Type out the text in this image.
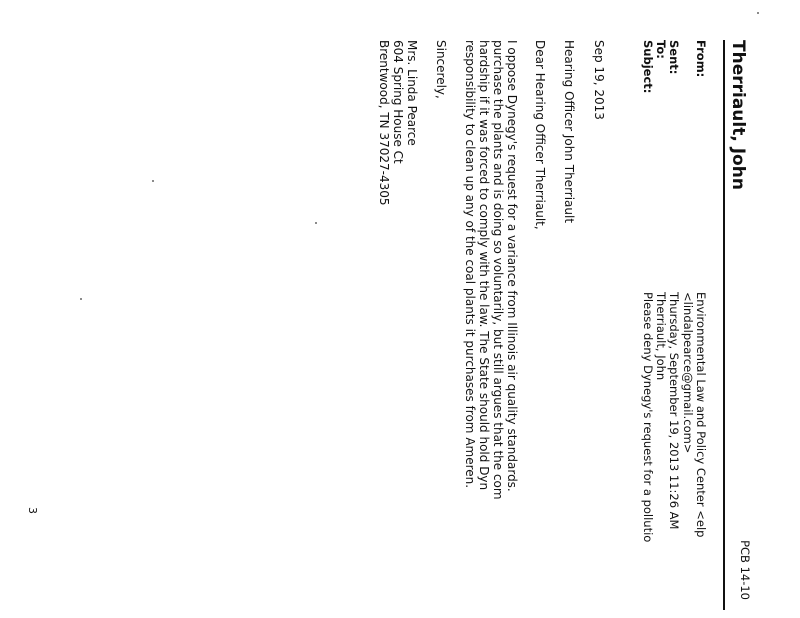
PCB 14-10
Therriault, John
From:
Environmental Law and Policy Center <elp
<lindalpearce@gmail.com>
Sent:
Thursday, September 19, 2013 11:26 AM
To:
Therriault, John
Subject:
Please deny Dynegy's request for a pollutio
Sep 19, 2013
Hearing Officer John Therriault
Dear Hearing Officer Therriault,
I oppose Dynegy's request for a variance from Illinois air quality standards.
purchase the plants and is doing so voluntarily, but still argues that the com
hardship if it was forced to comply with the law. The State should hold Dyn
responsibility to clean up any of the coal plants it purchases from Ameren.
Sincerely,
Mrs. Linda Pearce
604 Spring House Ct
Brentwood, TN 37027-4305
3
